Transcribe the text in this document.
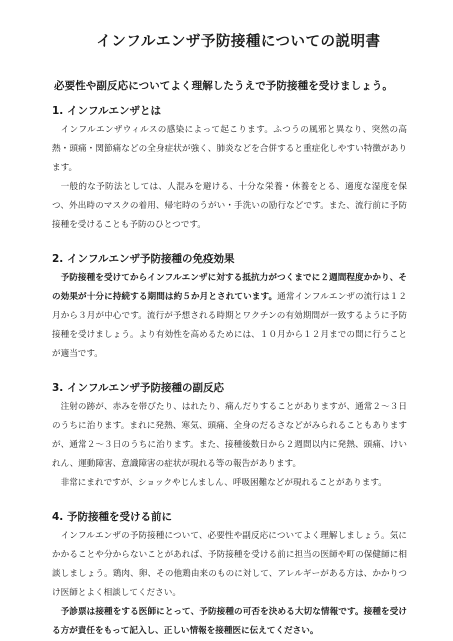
インフルエンザ予防接種についての説明書
必要性や副反応についてよく理解したうえで予防接種を受けましょう。
1. インフルエンザとは

インフルエンザウィルスの感染によって起こります。ふつうの風邪と異なり、突然の高熱・頭痛・関節痛などの全身症状が強く、肺炎などを合併すると重症化しやすい特徴があります。

一般的な予防法としては、人混みを避ける、十分な栄養・休養をとる、適度な湿度を保つ、外出時のマスクの着用、帰宅時のうがい・手洗いの励行などです。また、流行前に予防接種を受けることも予防のひとつです。

2. インフルエンザ予防接種の免疫効果

予防接種を受けてからインフルエンザに対する抵抗力がつくまでに２週間程度かかり、その効果が十分に持続する期間は約５か月とされています。通常インフルエンザの流行は１２月から３月が中心です。流行が予想される時期とワクチンの有効期間が一致するように予防接種を受けましょう。より有効性を高めるためには、１０月から１２月までの間に行うことが適当です。

3. インフルエンザ予防接種の副反応

注射の跡が、赤みを帯びたり、はれたり、痛んだりすることがありますが、通常２～３日のうちに治ります。まれに発熱、寒気、頭痛、全身のだるさなどがみられることもありますが、通常２～３日のうちに治ります。また、接種後数日から２週間以内に発熱、頭痛、けいれん、運動障害、意識障害の症状が現れる等の報告があります。

非常にまれですが、ショックやじんましん、呼吸困難などが現れることがあります。

4. 予防接種を受ける前に

インフルエンザの予防接種について、必要性や副反応についてよく理解しましょう。気にかかることや分からないことがあれば、予防接種を受ける前に担当の医師や町の保健師に相談しましょう。鶏肉、卵、その他鶏由来のものに対して、アレルギーがある方は、かかりつけ医師とよく相談してください。

予診票は接種をする医師にとって、予防接種の可否を決める大切な情報です。接種を受ける方が責任をもって記入し、正しい情報を接種医に伝えてください。
